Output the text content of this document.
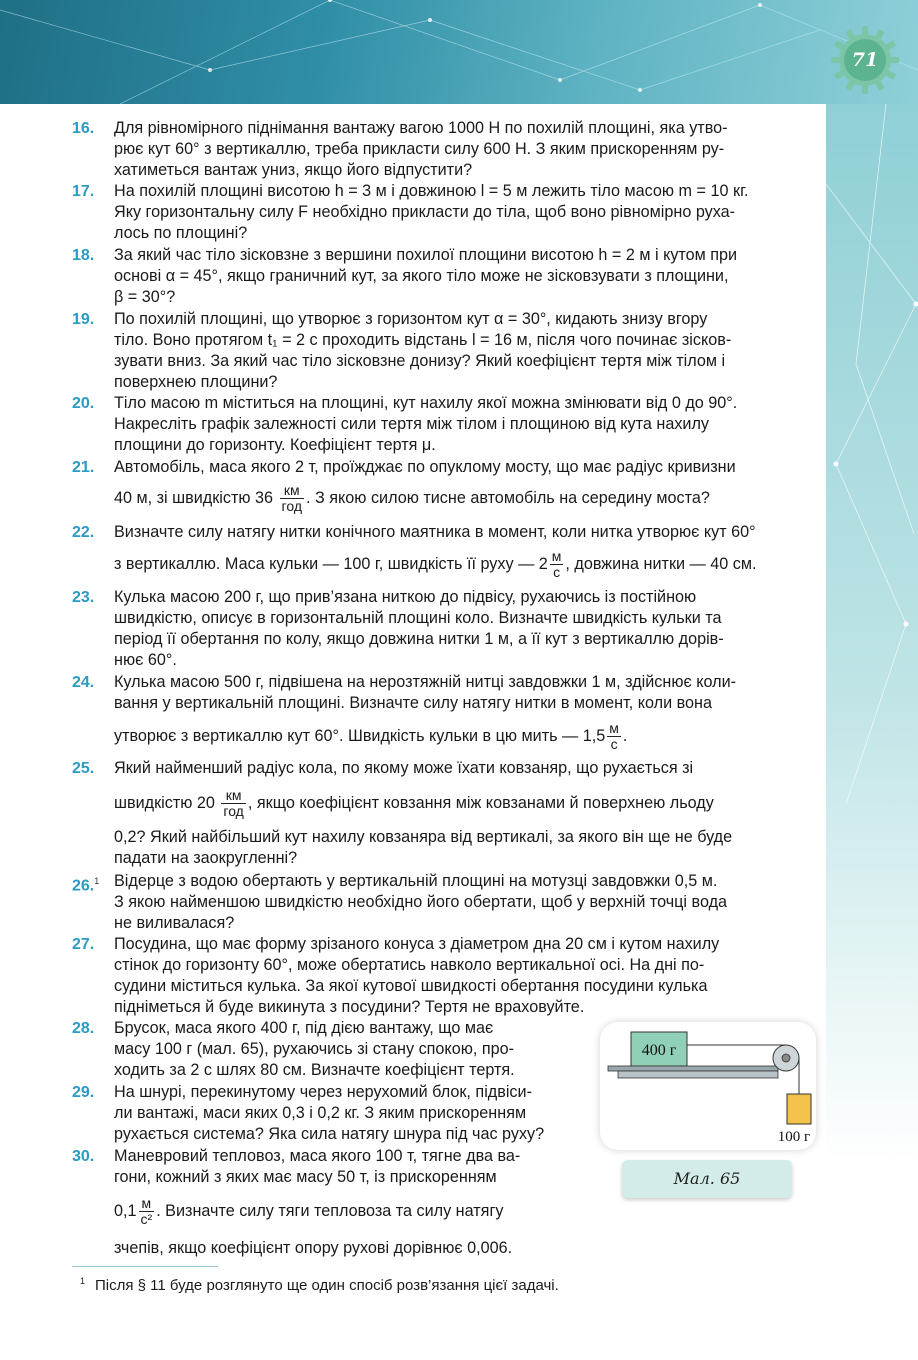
71
16.	Для рівномірного піднімання вантажу вагою 1000 Н по похилій площині, яка утво-
рює кут 60° з вертикаллю, треба прикласти силу 600 Н. З яким прискоренням ру-
хатиметься вантаж униз, якщо його відпустити?
17.	На похилій площині висотою h = 3 м і довжиною l = 5 м лежить тіло масою m = 10 кг.
Яку горизонтальну силу F необхідно прикласти до тіла, щоб воно рівномірно руха-
лось по площині?
18.	За який час тіло зісковзне з вершини похилої площини висотою h = 2 м і кутом при
основі α = 45°, якщо граничний кут, за якого тіло може не зісковзувати з площини,
β = 30°?
19.	По похилій площині, що утворює з горизонтом кут α = 30°, кидають знизу вгору
тіло. Воно протягом t₁ = 2 с проходить відстань l = 16 м, після чого починає зісков-
зувати вниз. За який час тіло зісковзне донизу? Який коефіцієнт тертя між тілом і
поверхнею площини?
20.	Тіло масою m міститься на площині, кут нахилу якої можна змінювати від 0 до 90°.
Накресліть графік залежності сили тертя між тілом і площиною від кута нахилу
площини до горизонту. Коефіцієнт тертя μ.
21.	Автомобіль, маса якого 2 т, проїжджає по опуклому мосту, що має радіус кривизни
40 м, зі швидкістю $36 \frac{км}{\text{год}}$ . З якою силою тисне автомобіль на середину моста?
22.	Визначте силу натягу нитки конічного маятника в момент, коли нитка утворює кут 60°
з вертикаллю. Маса кульки — 100 г, швидкість її руху — $2 \frac{м}{с}$ , довжина нитки — 40 см.
23.	Кулька масою 200 г, що прив’язана ниткою до підвісу, рухаючись із постійною
швидкістю, описує в горизонтальній площині коло. Визначте швидкість кульки та
період її обертання по колу, якщо довжина нитки 1 м, а її кут з вертикаллю дорів-
нює 60°.
24.	Кулька масою 500 г, підвішена на нерозтяжній нитці завдовжки 1 м, здійснює коли-
вання у вертикальній площині. Визначте силу натягу нитки в момент, коли вона
утворює з вертикаллю кут 60°. Швидкість кульки в цю мить — $1,5 \frac{м}{с}$ .
25.	Який найменший радіус кола, по якому може їхати ковзаняр, що рухається зі
швидкістю $20 \frac{км}{\text{год}}$ , якщо коефіцієнт ковзання між ковзанами й поверхнею льоду
0,2? Який найбільший кут нахилу ковзаняра від вертикалі, за якого він ще не буде
падати на заокругленні?
26.$^1$ Відерце з водою обертають у вертикальній площині на мотузці завдовжки 0,5 м.
З якою найменшою швидкістю необхідно його обертати, щоб у верхній точці вода
не виливалася?
27.	Посудина, що має форму зрізаного конуса з діаметром дна 20 см і кутом нахилу
стінок до горизонту 60°, може обертатись навколо вертикальної осі. На дні по-
судини міститься кулька. За якої кутової швидкості обертання посудини кулька
підніметься й буде викинута з посудини? Тертя не враховуйте.
28.	Брусок, маса якого 400 г, під дією вантажу, що має
масу 100 г (мал. 65), рухаючись зі стану спокою, про-
ходить за 2 с шлях 80 см. Визначте коефіцієнт тертя.
29.	На шнурі, перекинутому через нерухомий блок, підвіси-
ли вантажі, маси яких 0,3 і 0,2 кг. З яким прискоренням
рухається система? Яка сила натягу шнура під час руху?
30.	Маневровий тепловоз, маса якого 100 т, тягне два ва-
гони, кожний з яких має масу 50 т, із прискоренням
$0,1 \frac{м}{\text{с²}}$ . Визначте силу тяги тепловоза та силу натягу
зчепів, якщо коефіцієнт опору рухові дорівнює 0,006.
400 г
100 г
Мал. 65
$^1$ Після § 11 буде розглянуто ще один спосіб розв’язання цієї задачі.
